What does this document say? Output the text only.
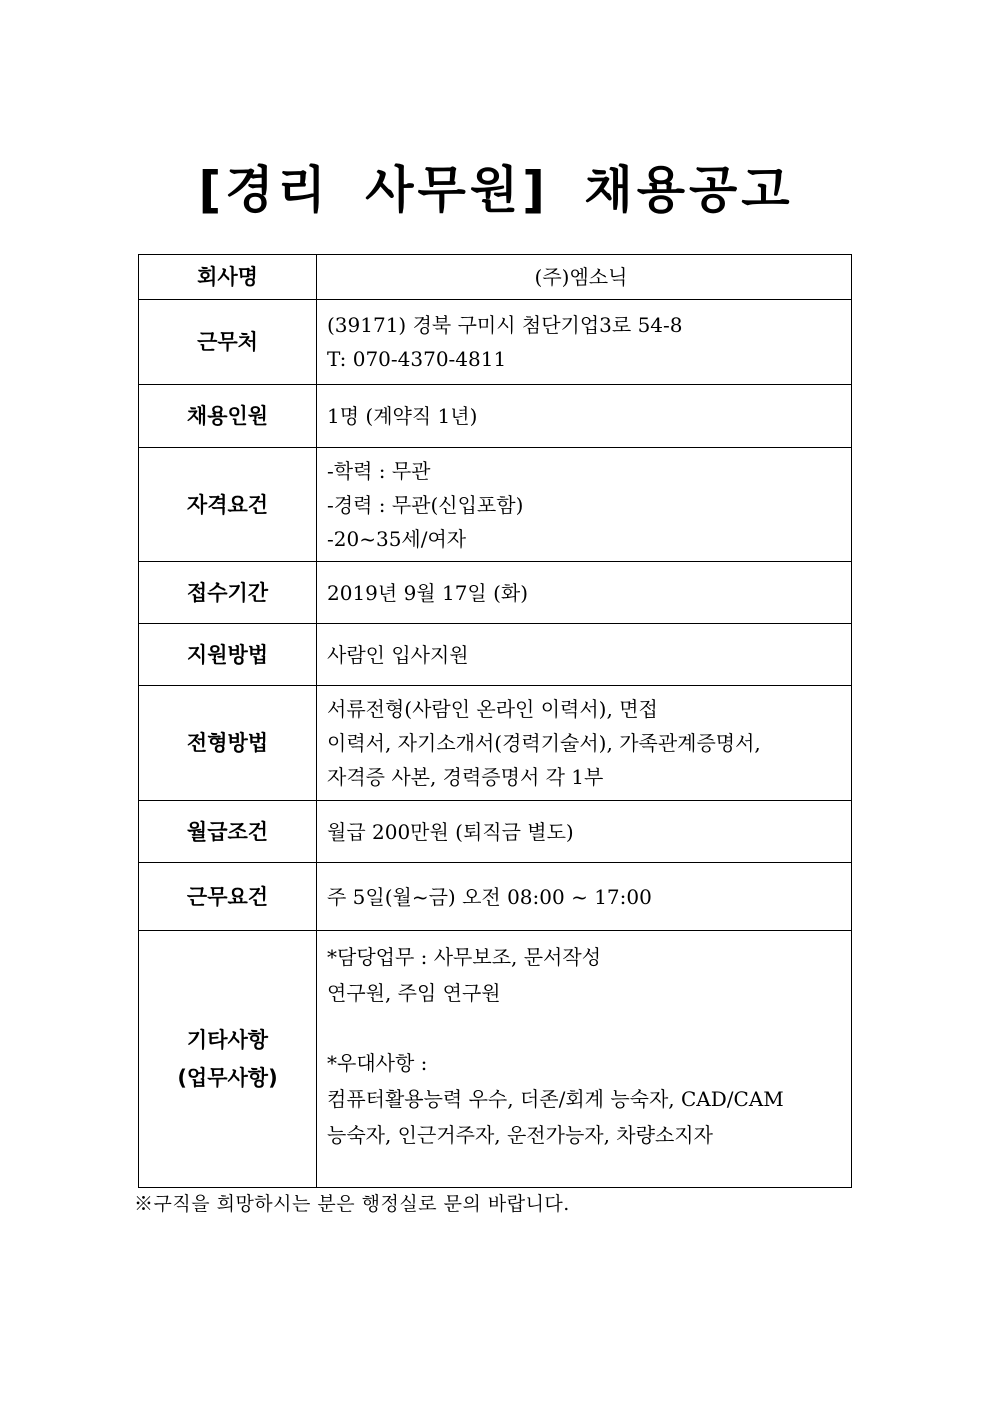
[경리 사무원] 채용공고
회사명	(주)엠소닉

근무처	(39171) 경북 구미시 첨단기업3로 54-8
T: 070-4370-4811

채용인원	1명 (계약직 1년)

자격요건	-학력 : 무관
-경력 : 무관(신입포함)
-20~35세/여자

접수기간	2019년 9월 17일 (화)

지원방법	사람인 입사지원

전형방법	서류전형(사람인 온라인 이력서), 면접
이력서, 자기소개서(경력기술서), 가족관계증명서,
자격증 사본, 경력증명서 각 1부

월급조건	월급 200만원 (퇴직금 별도)

근무요건	주 5일(월~금) 오전 08:00 ~ 17:00

기타사항
(업무사항)	*담당업무 : 사무보조, 문서작성
연구원, 주임 연구원
*우대사항 :
컴퓨터활용능력 우수, 더존/회계 능숙자, CAD/CAM
능숙자, 인근거주자, 운전가능자, 차량소지자
※구직을 희망하시는 분은 행정실로 문의 바랍니다.
